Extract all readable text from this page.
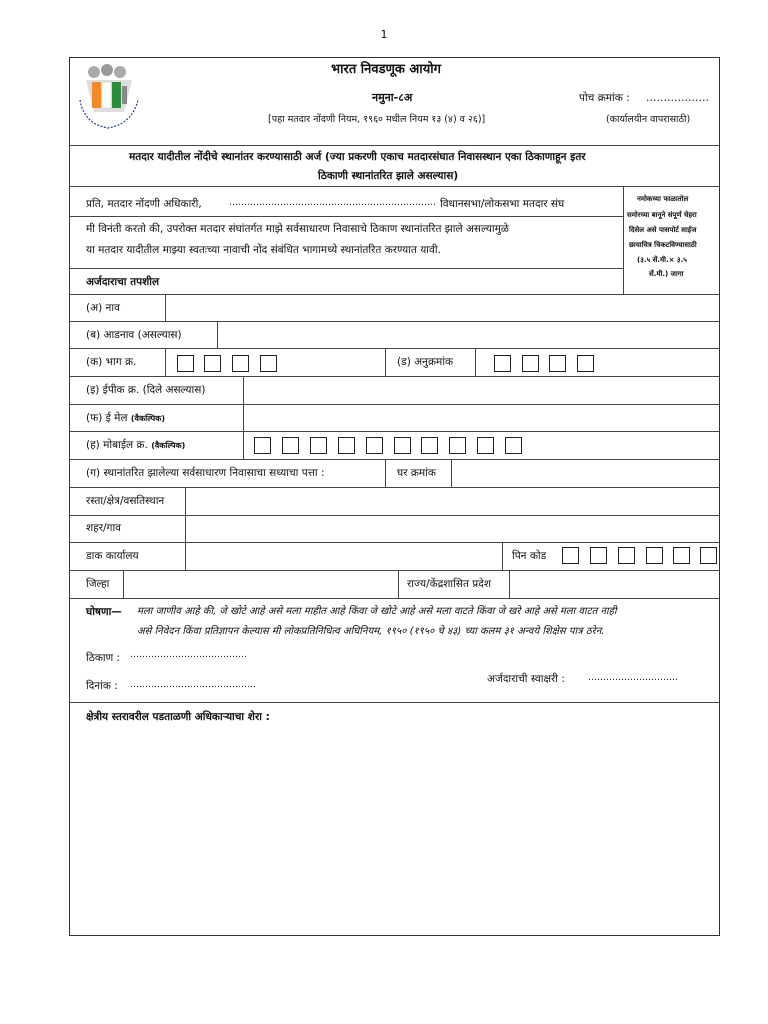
1
भारत निवडणूक आयोग
नमुना-८अ	पोच क्रमांक : ………………
[पहा मतदार नोंदणी नियम, १९६० मधील नियम १३ (४) व २६)]	(कार्यालयीन वापरासाठी)
मतदार यादीतील नोंदीचे स्थानांतर करण्यासाठी अर्ज (ज्या प्रकरणी एकाच मतदारसंघात निवासस्थान एका ठिकाणाहून इतर
ठिकाणी स्थानांतरित झाले असल्यास)
प्रति, मतदार नोंदणी अधिकारी,	…………………………………………………………… विधानसभा/लोकसभा मतदार संघ	नमोकच्या फाळातोल
समोरच्या बानूने संपूर्ण चेहरा
दिसेल असे पासपोर्ट साईज
छायाचित्र चिकटविण्यासाठी
(३.५ सें.मी.× ३.५
सें.मी.) जागा
मी विनंती करतो की, उपरोक्त मतदार संघांतर्गत माझे सर्वसाधारण निवासाचे ठिकाण स्थानांतरित झाले असल्यामुळे
या मतदार यादीतील माझ्या स्वतःच्या नावाची नोंद संबंधित भागामध्ये स्थानांतरित करण्यात यावी.
अर्जदाराचा तपशील
(अ) नाव
(ब) आडनाव (असल्यास)
(क) भाग क्र.	(ड) अनुक्रमांक
(इ) ईपीक क्र. (दिले असल्यास)
(फ) ई मेल (वैकल्पिक)
(ह) मोबाईल क्र. (वैकल्पिक)
(ग) स्थानांतरित झालेल्या सर्वसाधारण निवासाचा सध्याचा पत्ता :	घर क्रमांक
रस्ता/क्षेत्र/वसतिस्थान
शहर/गाव
डाक कार्यालय	पिन कोड
जिल्हा	राज्य/केंद्रशासित प्रदेश
घोषणा— मला जाणीव आहे की, जे खोटे आहे असे मला माहीत आहे किंवा जे खोटे आहे असे मला वाटते किंवा जे खरे आहे असे मला वाटत नाही
असे निवेदन किंवा प्रतिज्ञापन केल्यास मी लोकप्रतिनिधित्व अधिनियम, १९५० (१९५० चे ४३) च्या कलम ३१ अन्वये शिक्षेस पात्र ठरेन.
ठिकाण : …………………………………
दिनांक : ……………………………………	अर्जदाराची स्वाक्षरी :	…………………………
क्षेत्रीय स्तरावरील पडताळणी अधिकाऱ्याचा शेरा :
